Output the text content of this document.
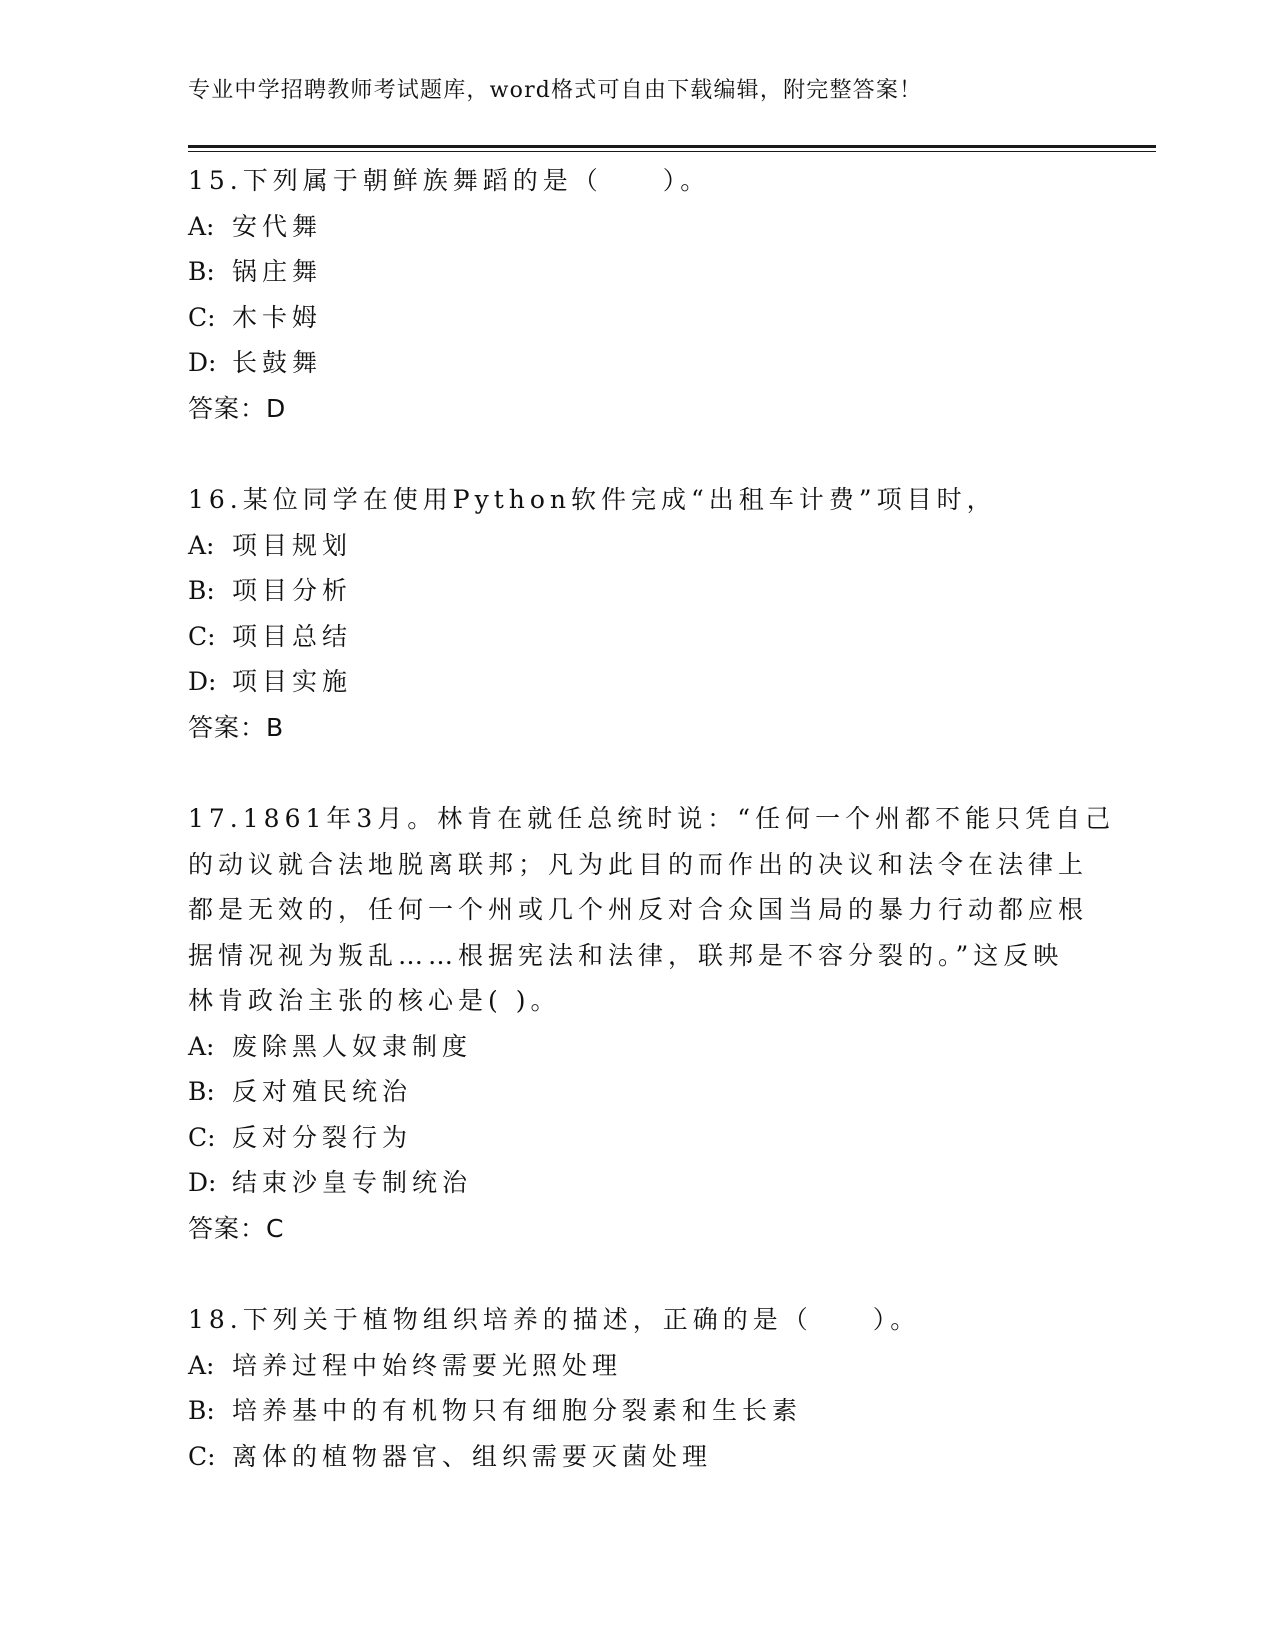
专业中学招聘教师考试题库，word格式可自由下载编辑，附完整答案！
15.下列属于朝鲜族舞蹈的是（　　）。
A: 安代舞
B: 锅庄舞
C: 木卡姆
D: 长鼓舞
答案：D
16.某位同学在使用Python软件完成“出租车计费”项目时，
A: 项目规划
B: 项目分析
C: 项目总结
D: 项目实施
答案：B
17.1861年3月。林肯在就任总统时说：“任何一个州都不能只凭自己
的动议就合法地脱离联邦；凡为此目的而作出的决议和法令在法律上
都是无效的，任何一个州或几个州反对合众国当局的暴力行动都应根
据情况视为叛乱……根据宪法和法律，联邦是不容分裂的。”这反映
林肯政治主张的核心是( )。
A: 废除黑人奴隶制度
B: 反对殖民统治
C: 反对分裂行为
D: 结束沙皇专制统治
答案：C
18.下列关于植物组织培养的描述，正确的是（　　）。
A: 培养过程中始终需要光照处理
B: 培养基中的有机物只有细胞分裂素和生长素
C: 离体的植物器官、组织需要灭菌处理
